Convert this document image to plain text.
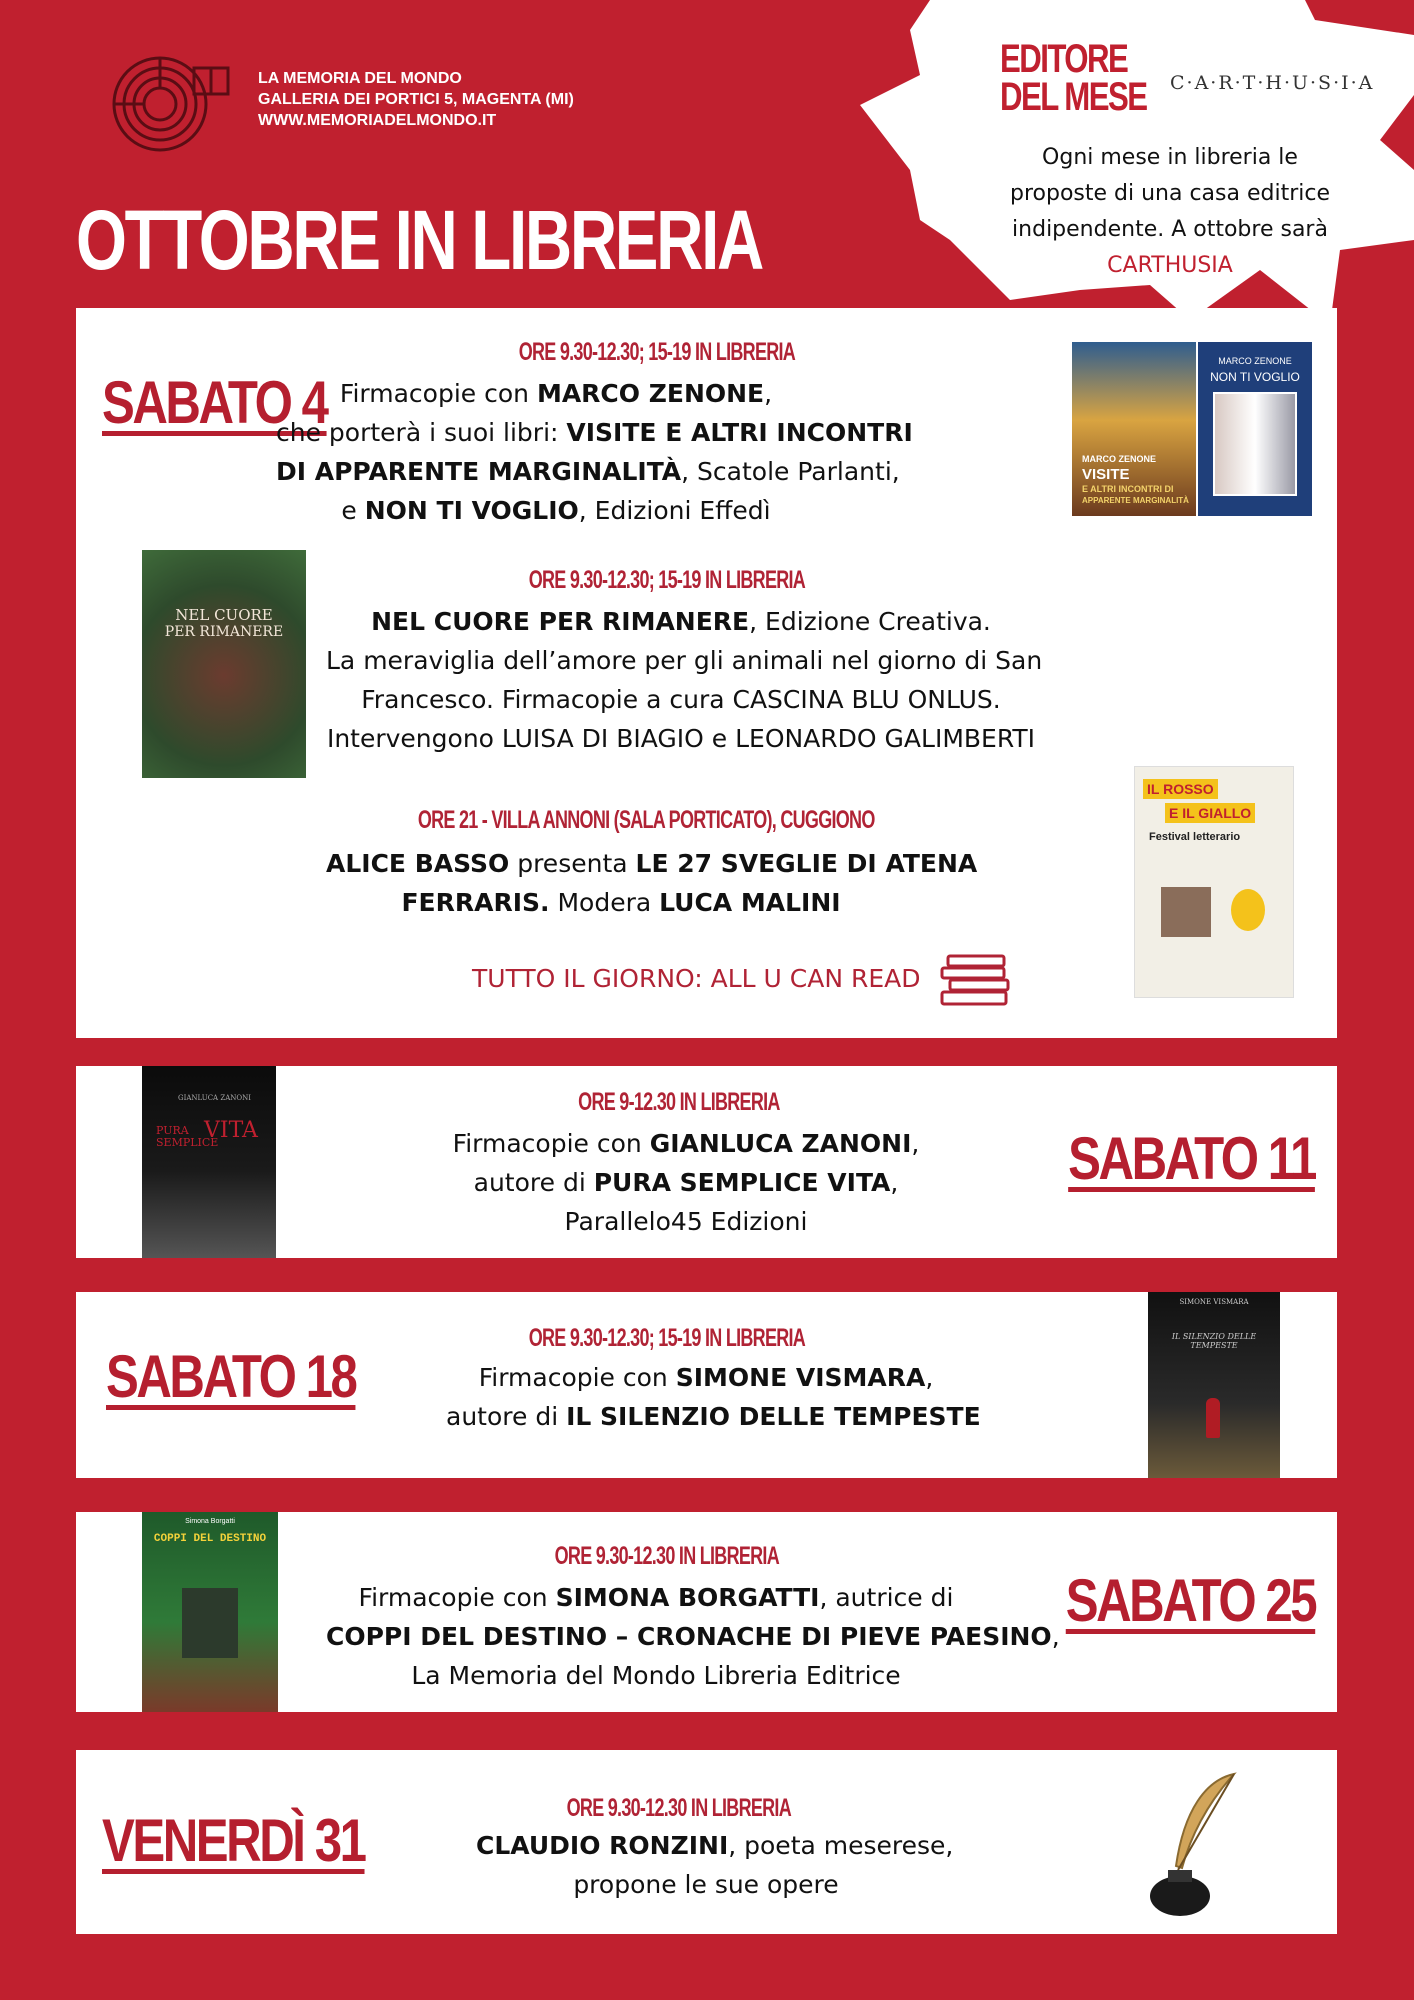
LA MEMORIA DEL MONDO
GALLERIA DEI PORTICI 5, MAGENTA (MI)
WWW.MEMORIADELMONDO.IT
OTTOBRE IN LIBRERIA
EDITORE
DEL MESE C·A·R·T·H·U·S·I·A
Ogni mese in libreria le
proposte di una casa editrice
indipendente. A ottobre sarà
CARTHUSIA
SABATO 4
ORE 9.30-12.30; 15-19 IN LIBRERIA
Firmacopie con MARCO ZENONE,
che porterà i suoi libri: VISITE E ALTRI INCONTRI
DI APPARENTE MARGINALITÀ, Scatole Parlanti,
e NON TI VOGLIO, Edizioni Effedì
MARCO ZENONE
VISITE
E ALTRI INCONTRI DI
APPARENTE MARGINALITÀ
MARCO ZENONE
NON TI VOGLIO
NEL CUORE
PER RIMANERE
ORE 9.30-12.30; 15-19 IN LIBRERIA
NEL CUORE PER RIMANERE, Edizione Creativa.
La meraviglia dell’amore per gli animali nel giorno di San
Francesco. Firmacopie a cura CASCINA BLU ONLUS.
Intervengono LUISA DI BIAGIO e LEONARDO GALIMBERTI
ORE 21 - VILLA ANNONI (SALA PORTICATO), CUGGIONO
ALICE BASSO presenta LE 27 SVEGLIE DI ATENA
FERRARIS. Modera LUCA MALINI
IL ROSSO
E IL GIALLO
Festival letterario
TUTTO IL GIORNO: ALL U CAN READ
GIANLUCA ZANONI
PURA
SEMPLICE
VITA
ORE 9-12.30 IN LIBRERIA
Firmacopie con GIANLUCA ZANONI,
autore di PURA SEMPLICE VITA,
Parallelo45 Edizioni
SABATO 11
SABATO 18
ORE 9.30-12.30; 15-19 IN LIBRERIA
Firmacopie con SIMONE VISMARA,
autore di IL SILENZIO DELLE TEMPESTE
SIMONE VISMARA
IL SILENZIO DELLE TEMPESTE
Simona Borgatti
COPPI DEL DESTINO
ORE 9.30-12.30 IN LIBRERIA
Firmacopie con SIMONA BORGATTI, autrice di
COPPI DEL DESTINO – CRONACHE DI PIEVE PAESINO,
La Memoria del Mondo Libreria Editrice
SABATO 25
VENERDÌ 31	ORE 9.30-12.30 IN LIBRERIA
CLAUDIO RONZINI, poeta meserese,
propone le sue opere
